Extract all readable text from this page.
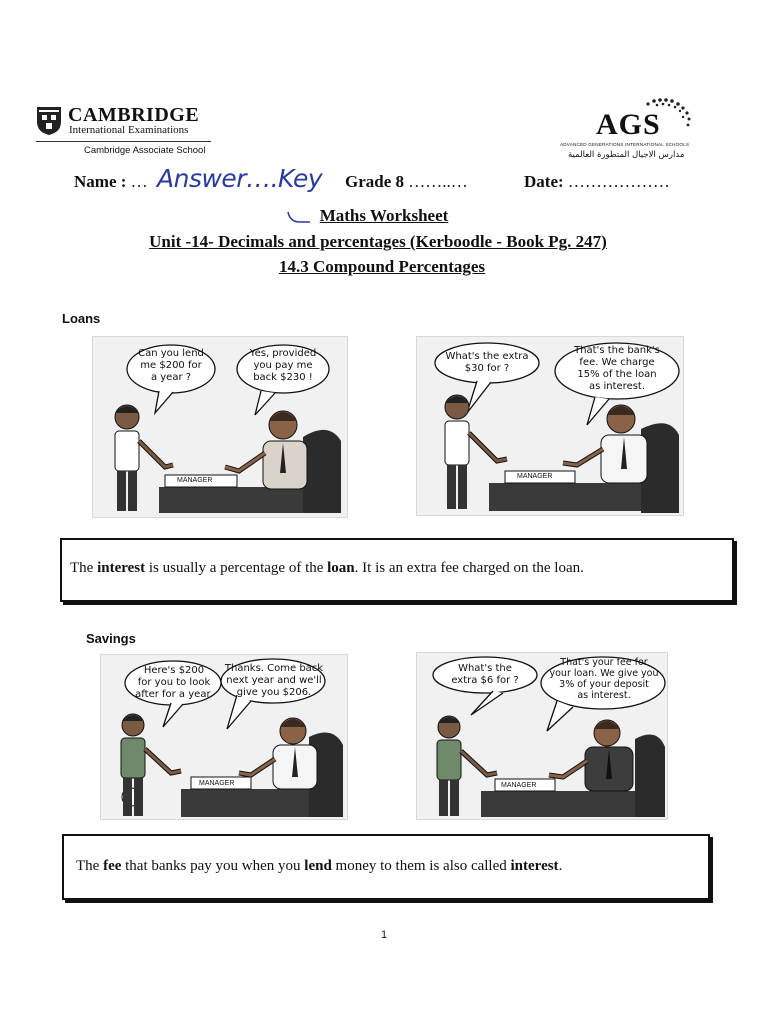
CAMBRIDGE
International Examinations
Cambridge Associate School
AGS
ADVANCED GENERATIONS INTERNATIONAL SCHOOLS
مدارس الاجيال المتطورة العالمية
Name : … Answer….Key Grade 8 ……..…	Date: ………………
Maths Worksheet
Unit -14- Decimals and percentages (Kerboodle - Book Pg. 247)
14.3 Compound Percentages
Loans
Can you lend
me $200 for
a year ?
Yes, provided
you pay me
back $230 !
MANAGER
What's the extra
$30 for ?
That's the bank's
fee. We charge
15% of the loan
as interest.
MANAGER
The interest is usually a percentage of the loan. It is an extra fee charged on the loan.
Savings
Here's $200
for you to look
after for a year.
Thanks. Come back
next year and we'll
give you $206.
MANAGER
What's the
extra $6 for ?
That's your fee for
your loan. We give you
3% of your deposit
as interest.
MANAGER
The fee that banks pay you when you lend money to them is also called interest.
1
